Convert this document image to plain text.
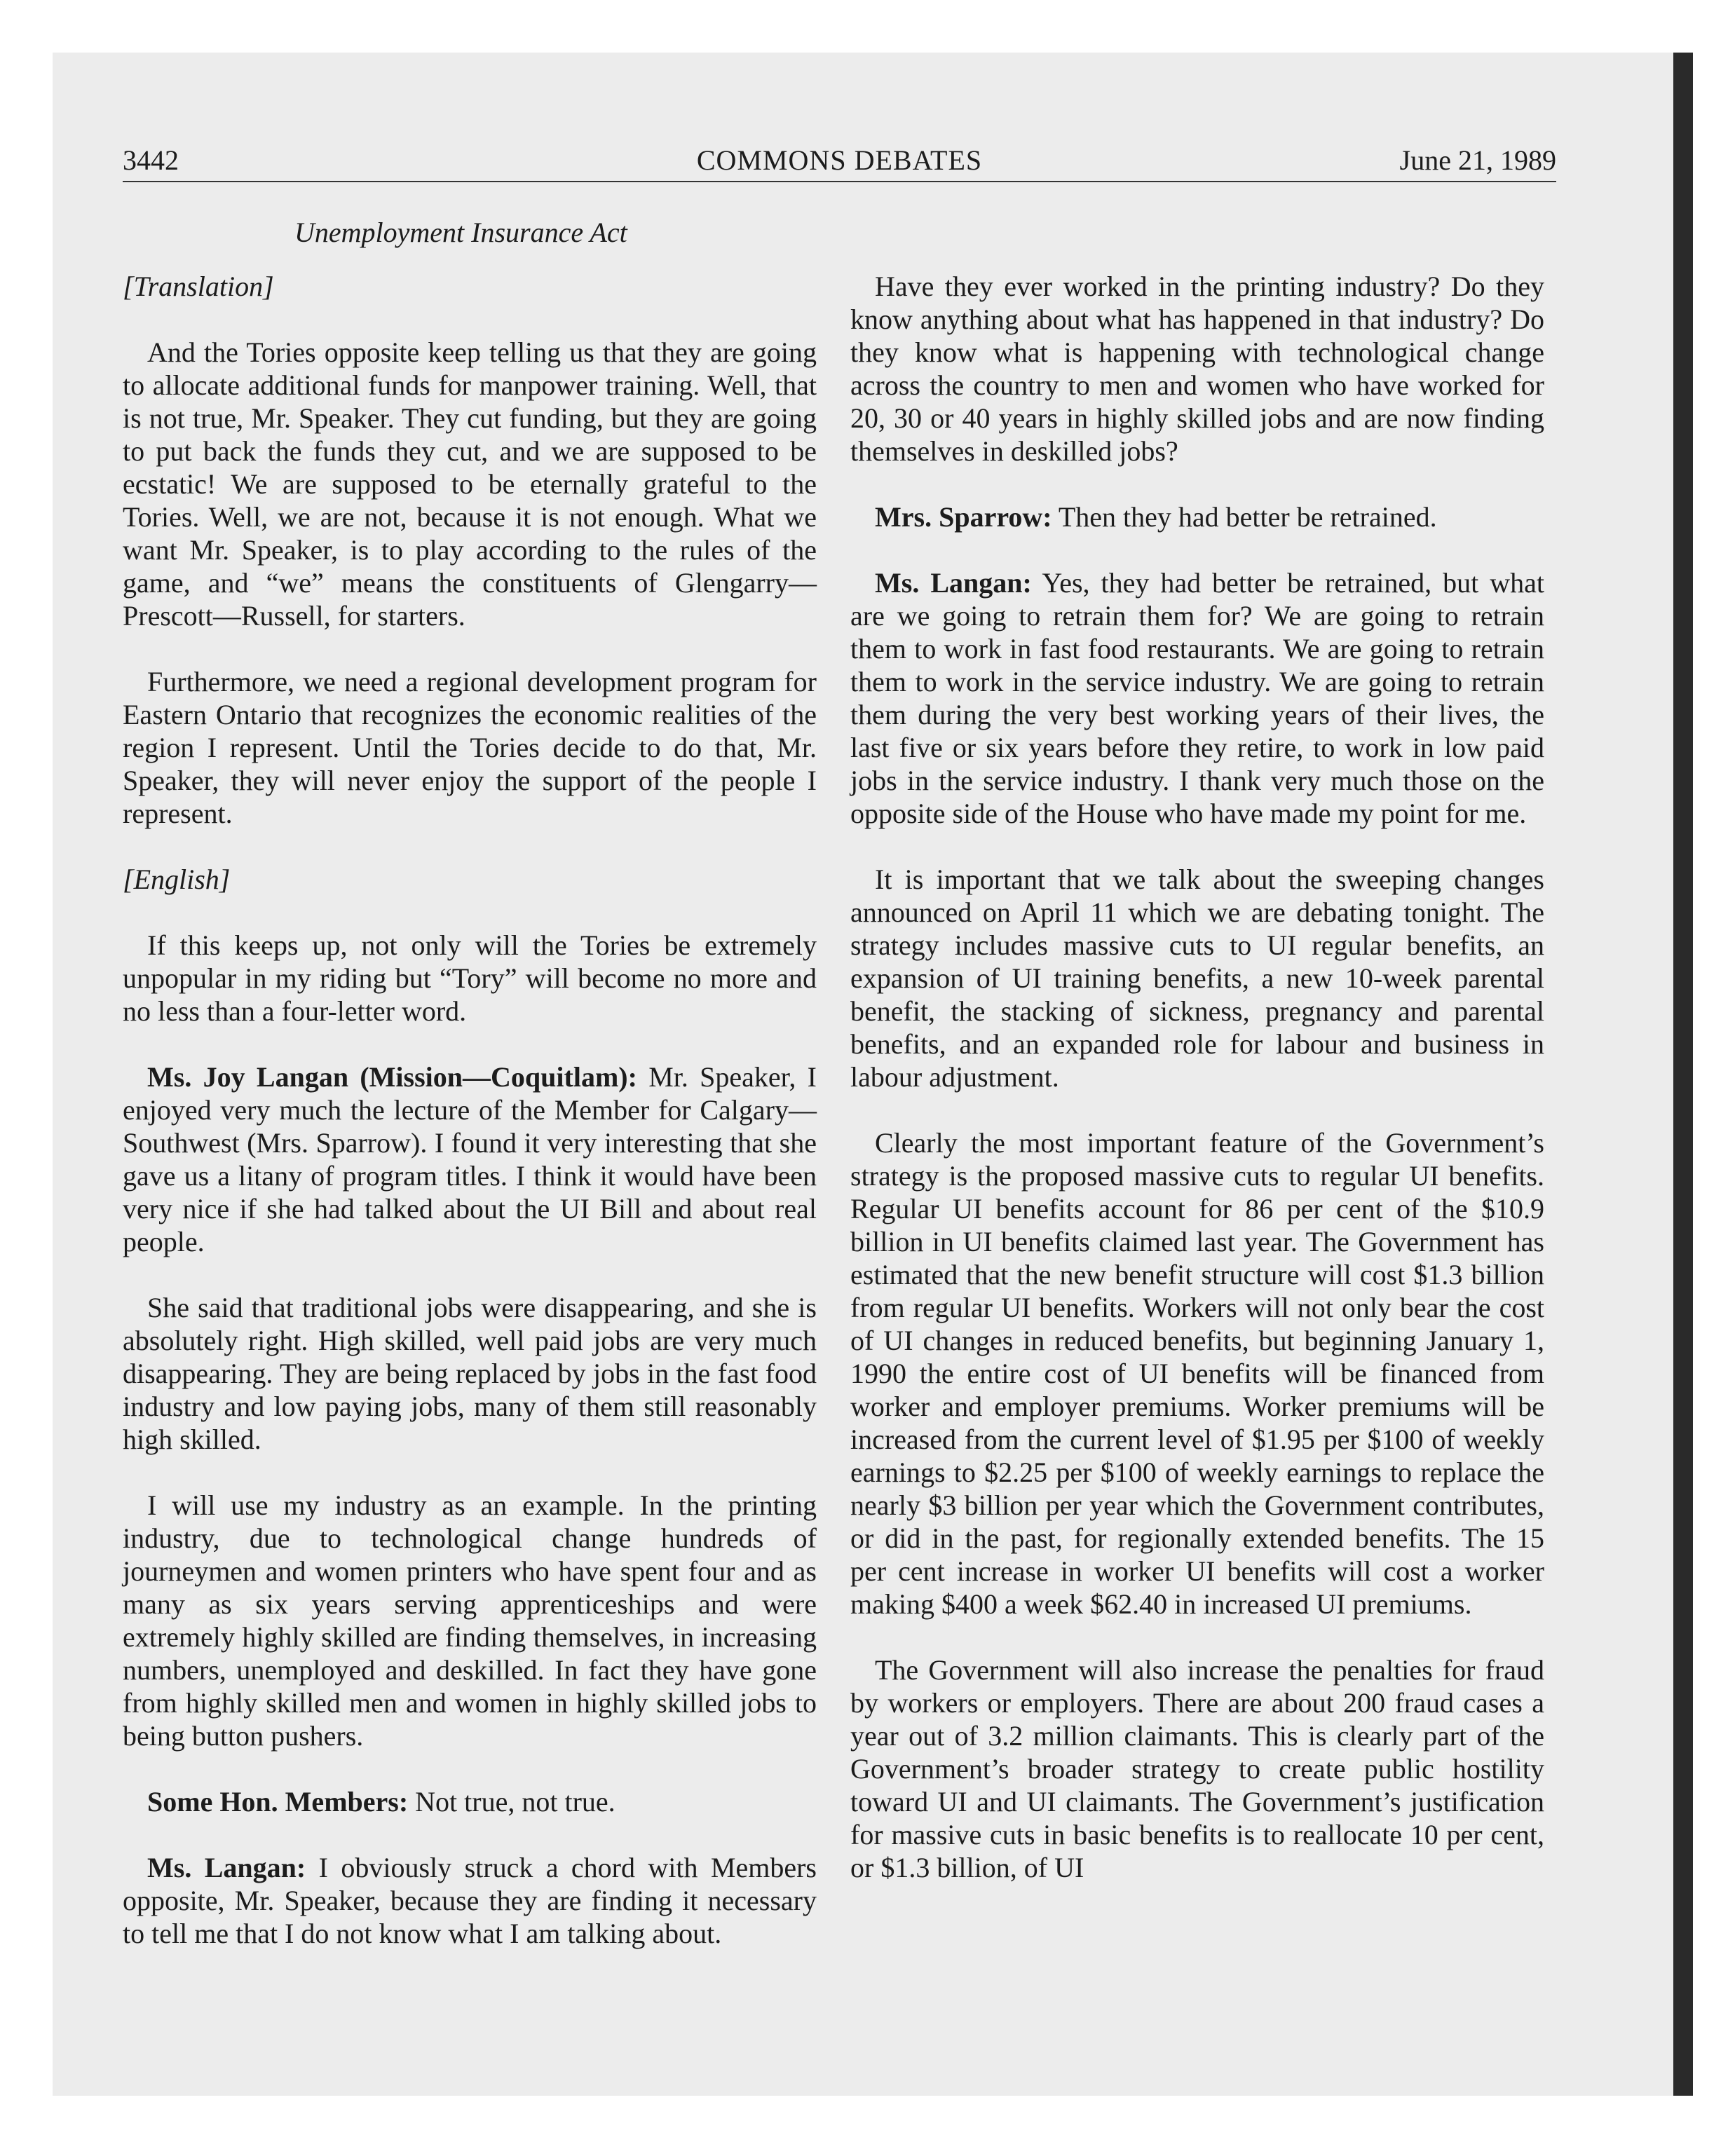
3442	COMMONS DEBATES	June 21, 1989
Unemployment Insurance Act

[Translation]

And the Tories opposite keep telling us that they are going to allocate additional funds for manpower training. Well, that is not true, Mr. Speaker. They cut funding, but they are going to put back the funds they cut, and we are supposed to be ecstatic! We are supposed to be eternally grateful to the Tories. Well, we are not, because it is not enough. What we want Mr. Speaker, is to play according to the rules of the game, and “we” means the constituents of Glengarry—Prescott—Russell, for starters.

Furthermore, we need a regional development program for Eastern Ontario that recognizes the economic realities of the region I represent. Until the Tories decide to do that, Mr. Speaker, they will never enjoy the support of the people I represent.

[English]

If this keeps up, not only will the Tories be extremely unpopular in my riding but “Tory” will become no more and no less than a four-letter word.

Ms. Joy Langan (Mission—Coquitlam): Mr. Speaker, I enjoyed very much the lecture of the Member for Calgary—Southwest (Mrs. Sparrow). I found it very interesting that she gave us a litany of program titles. I think it would have been very nice if she had talked about the UI Bill and about real people.

She said that traditional jobs were disappearing, and she is absolutely right. High skilled, well paid jobs are very much disappearing. They are being replaced by jobs in the fast food industry and low paying jobs, many of them still reasonably high skilled.

I will use my industry as an example. In the printing industry, due to technological change hundreds of journeymen and women printers who have spent four and as many as six years serving apprenticeships and were extremely highly skilled are finding themselves, in increasing numbers, unemployed and deskilled. In fact they have gone from highly skilled men and women in highly skilled jobs to being button pushers.

Some Hon. Members: Not true, not true.

Ms. Langan: I obviously struck a chord with Members opposite, Mr. Speaker, because they are finding it necessary to tell me that I do not know what I am talking about.

Have they ever worked in the printing industry? Do they know anything about what has happened in that industry? Do they know what is happening with technological change across the country to men and women who have worked for 20, 30 or 40 years in highly skilled jobs and are now finding themselves in deskilled jobs?

Mrs. Sparrow: Then they had better be retrained.

Ms. Langan: Yes, they had better be retrained, but what are we going to retrain them for? We are going to retrain them to work in fast food restaurants. We are going to retrain them to work in the service industry. We are going to retrain them during the very best working years of their lives, the last five or six years before they retire, to work in low paid jobs in the service industry. I thank very much those on the opposite side of the House who have made my point for me.

It is important that we talk about the sweeping changes announced on April 11 which we are debating tonight. The strategy includes massive cuts to UI regular benefits, an expansion of UI training benefits, a new 10-week parental benefit, the stacking of sickness, pregnancy and parental benefits, and an expanded role for labour and business in labour adjustment.

Clearly the most important feature of the Government’s strategy is the proposed massive cuts to regular UI benefits. Regular UI benefits account for 86 per cent of the $10.9 billion in UI benefits claimed last year. The Government has estimated that the new benefit structure will cost $1.3 billion from regular UI benefits. Workers will not only bear the cost of UI changes in reduced benefits, but beginning January 1, 1990 the entire cost of UI benefits will be financed from worker and employer premiums. Worker premiums will be increased from the current level of $1.95 per $100 of weekly earnings to $2.25 per $100 of weekly earnings to replace the nearly $3 billion per year which the Government contributes, or did in the past, for regionally extended benefits. The 15 per cent increase in worker UI benefits will cost a worker making $400 a week $62.40 in increased UI premiums.

The Government will also increase the penalties for fraud by workers or employers. There are about 200 fraud cases a year out of 3.2 million claimants. This is clearly part of the Government’s broader strategy to create public hostility toward UI and UI claimants. The Government’s justification for massive cuts in basic benefits is to reallocate 10 per cent, or $1.3 billion, of UI
